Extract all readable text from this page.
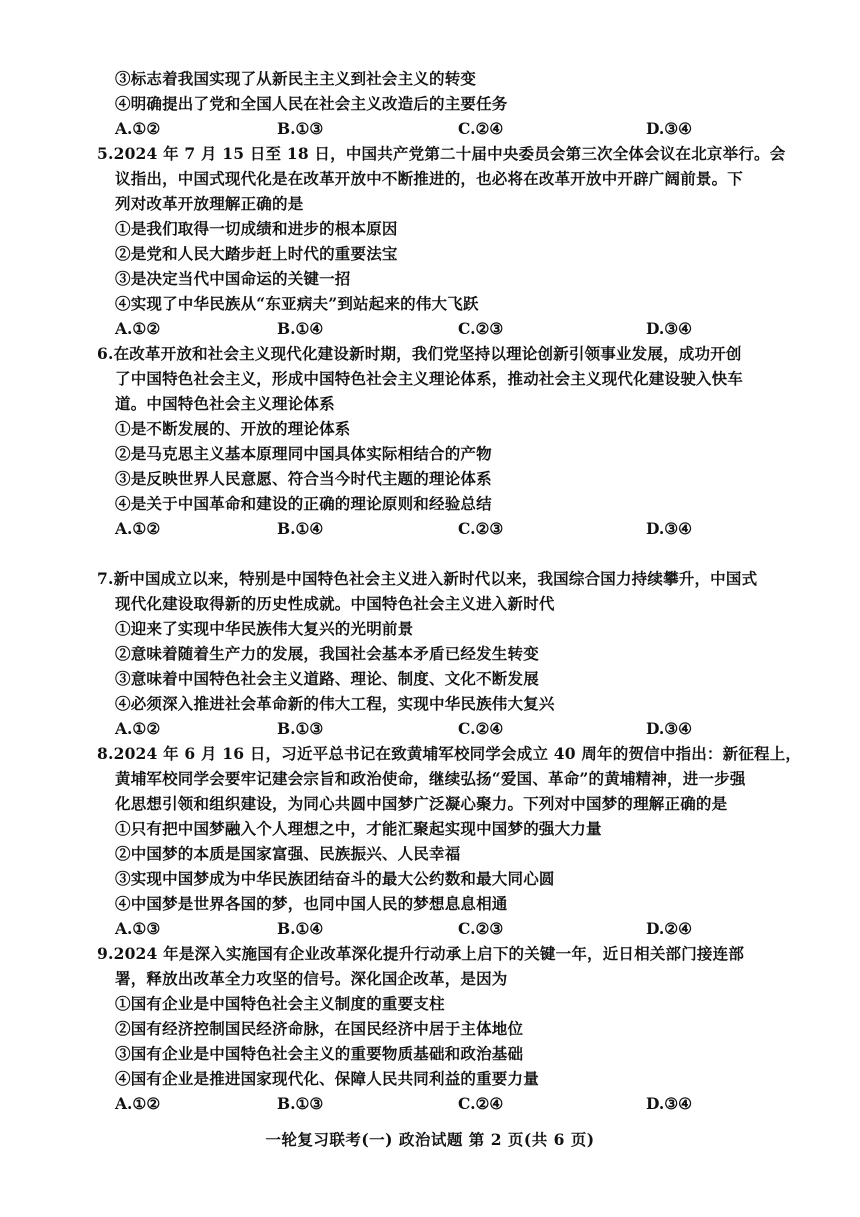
③标志着我国实现了从新民主主义到社会主义的转变
④明确提出了党和全国人民在社会主义改造后的主要任务
A.①②	B.①③	C.②④	D.③④
5.2024 年 7 月 15 日至 18 日，中国共产党第二十届中央委员会第三次全体会议在北京举行。会
议指出，中国式现代化是在改革开放中不断推进的，也必将在改革开放中开辟广阔前景。下
列对改革开放理解正确的是
①是我们取得一切成绩和进步的根本原因
②是党和人民大踏步赶上时代的重要法宝
③是决定当代中国命运的关键一招
④实现了中华民族从“东亚病夫”到站起来的伟大飞跃
A.①②	B.①④	C.②③	D.③④
6.在改革开放和社会主义现代化建设新时期，我们党坚持以理论创新引领事业发展，成功开创
了中国特色社会主义，形成中国特色社会主义理论体系，推动社会主义现代化建设驶入快车
道。中国特色社会主义理论体系
①是不断发展的、开放的理论体系
②是马克思主义基本原理同中国具体实际相结合的产物
③是反映世界人民意愿、符合当今时代主题的理论体系
④是关于中国革命和建设的正确的理论原则和经验总结
A.①②	B.①④	C.②③	D.③④
7.新中国成立以来，特别是中国特色社会主义进入新时代以来，我国综合国力持续攀升，中国式
现代化建设取得新的历史性成就。中国特色社会主义进入新时代
①迎来了实现中华民族伟大复兴的光明前景
②意味着随着生产力的发展，我国社会基本矛盾已经发生转变
③意味着中国特色社会主义道路、理论、制度、文化不断发展
④必须深入推进社会革命新的伟大工程，实现中华民族伟大复兴
A.①②	B.①③	C.②④	D.③④
8.2024 年 6 月 16 日，习近平总书记在致黄埔军校同学会成立 40 周年的贺信中指出：新征程上，
黄埔军校同学会要牢记建会宗旨和政治使命，继续弘扬“爱国、革命”的黄埔精神，进一步强
化思想引领和组织建设，为同心共圆中国梦广泛凝心聚力。下列对中国梦的理解正确的是
①只有把中国梦融入个人理想之中，才能汇聚起实现中国梦的强大力量
②中国梦的本质是国家富强、民族振兴、人民幸福
③实现中国梦成为中华民族团结奋斗的最大公约数和最大同心圆
④中国梦是世界各国的梦，也同中国人民的梦想息息相通
A.①③	B.①④	C.②③	D.②④
9.2024 年是深入实施国有企业改革深化提升行动承上启下的关键一年，近日相关部门接连部
署，释放出改革全力攻坚的信号。深化国企改革，是因为
①国有企业是中国特色社会主义制度的重要支柱
②国有经济控制国民经济命脉，在国民经济中居于主体地位
③国有企业是中国特色社会主义的重要物质基础和政治基础
④国有企业是推进国家现代化、保障人民共同利益的重要力量
A.①②	B.①③	C.②④	D.③④
一轮复习联考(一) 政治试题 第 2 页(共 6 页)
